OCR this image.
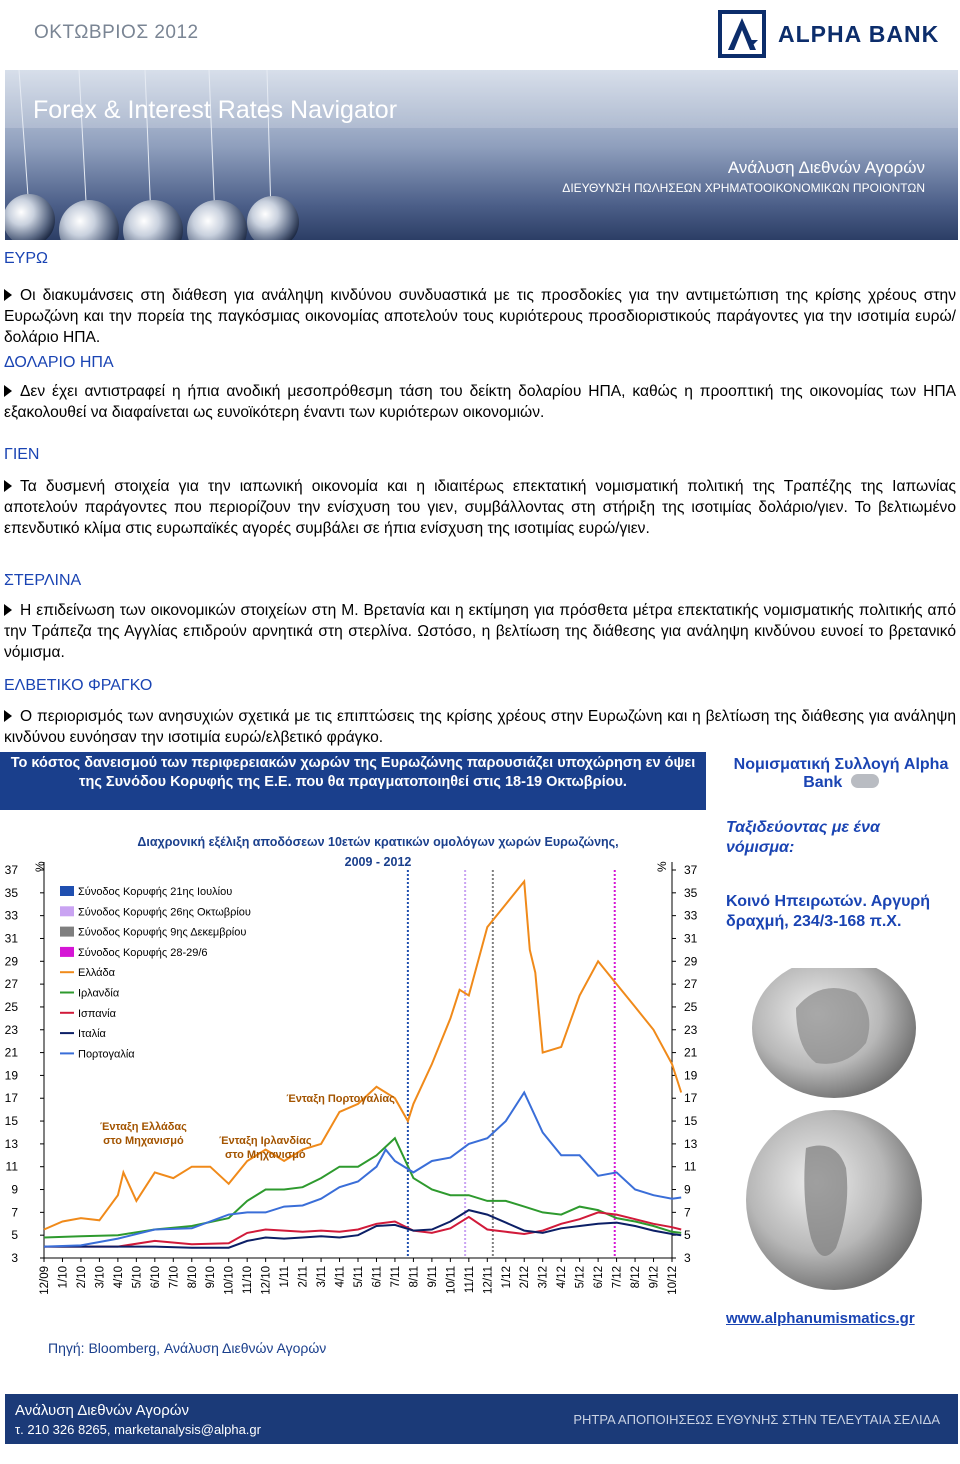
ΟΚΤΩΒΡΙΟΣ 2012	ALPHA BANK
Forex & Interest Rates Navigator
Ανάλυση Διεθνών Αγορών
ΔΙΕΥΘΥΝΣΗ ΠΩΛΗΣΕΩΝ ΧΡΗΜΑΤΟΟΙΚΟΝΟΜΙΚΩΝ ΠΡΟΙΟΝΤΩΝ
ΕΥΡΩ
Οι διακυμάνσεις στη διάθεση για ανάληψη κινδύνου συνδυαστικά με τις προσδοκίες για την αντιμετώπιση της κρίσης χρέους στην Ευρωζώνη και την πορεία της παγκόσμιας οικονομίας αποτελούν τους κυριότερους προσδιοριστικούς παράγοντες για την ισοτιμία ευρώ/δολάριο ΗΠΑ.
ΔΟΛΑΡΙΟ ΗΠΑ
Δεν έχει αντιστραφεί η ήπια ανοδική μεσοπρόθεσμη τάση του δείκτη δολαρίου ΗΠΑ, καθώς η προοπτική της οικονομίας των ΗΠΑ εξακολουθεί να διαφαίνεται ως ευνοϊκότερη έναντι των κυριότερων οικονομιών.
ΓΙΕΝ
Τα δυσμενή στοιχεία για την ιαπωνική οικονομία και η ιδιαιτέρως επεκτατική νομισματική πολιτική της Τραπέζης της Ιαπωνίας αποτελούν παράγοντες που περιορίζουν την ενίσχυση του γιεν, συμβάλλοντας στη στήριξη της ισοτιμίας δολάριο/γιεν. Το βελτιωμένο επενδυτικό κλίμα στις ευρωπαϊκές αγορές συμβάλει σε ήπια ενίσχυση της ισοτιμίας ευρώ/γιεν.
ΣΤΕΡΛΙΝΑ
Η επιδείνωση των οικονομικών στοιχείων στη Μ. Βρετανία και η εκτίμηση για πρόσθετα μέτρα επεκτατικής νομισματικής πολιτικής από την Τράπεζα της Αγγλίας επιδρούν αρνητικά στη στερλίνα. Ωστόσο, η βελτίωση της διάθεσης για ανάληψη κινδύνου ευνοεί το βρετανικό νόμισμα.
ΕΛΒΕΤΙΚΟ ΦΡΑΓΚΟ
Ο περιορισμός των ανησυχιών σχετικά με τις επιπτώσεις της κρίσης χρέους στην Ευρωζώνη και η βελτίωση της διάθεσης για ανάληψη κινδύνου ευνόησαν την ισοτιμία ευρώ/ελβετικό φράγκο.
Το κόστος δανεισμού των περιφερειακών χωρών της Ευρωζώνης παρουσιάζει υποχώρηση εν όψει της Συνόδου Κορυφής της Ε.Ε. που θα πραγματοποιηθεί στις 18-19 Οκτωβρίου.
Διαχρονική εξέλιξη αποδόσεων 10ετών κρατικών ομολόγων χωρών Ευρωζώνης,
2009 - 2012
%	%
3	3
5	5
7	7
9	9
11	11
13	13
15	15
17	17
19	19
21	21
23	23
25	25
27	27
29	29
31	31
33	33
35	35
37	37
12/09 1/10 2/10 3/10 4/10 5/10 6/10 7/10 8/10 9/10 10/10 11/10 12/10 1/11 2/11 3/11 4/11 5/11 6/11 7/11 8/11 9/11 10/11 11/11 12/11 1/12 2/12 3/12 4/12 5/12 6/12 7/12 8/12 9/12 10/12
Σύνοδος Κορυφής 21ης Ιουλίου
Σύνοδος Κορυφής 26ης Οκτωβρίου
Σύνοδος Κορυφής 9ης Δεκεμβρίου
Σύνοδος Κορυφής 28-29/6
Ελλάδα
Ιρλανδία
Ισπανία
Ιταλία
Πορτογαλία
Ένταξη Ελλάδας
στο Μηχανισμό	Ένταξη Ιρλανδίας
στο Μηχανισμό
Ένταξη Πορτογαλίας
Πηγή: Bloomberg, Ανάλυση Διεθνών Αγορών
Νομισματική Συλλογή Alpha Bank
Ταξιδεύοντας με ένα νόμισμα:
Κοινό Ηπειρωτών. Αργυρή δραχμή, 234/3-168 π.Χ.
www.alphanumismatics.gr
Ανάλυση Διεθνών Αγορών
τ. 210 326 8265, marketanalysis@alpha.gr
ΡΗΤΡΑ ΑΠΟΠΟΙΗΣΕΩΣ ΕΥΘΥΝΗΣ ΣΤΗΝ ΤΕΛΕΥΤΑΙΑ ΣΕΛΙΔΑ
